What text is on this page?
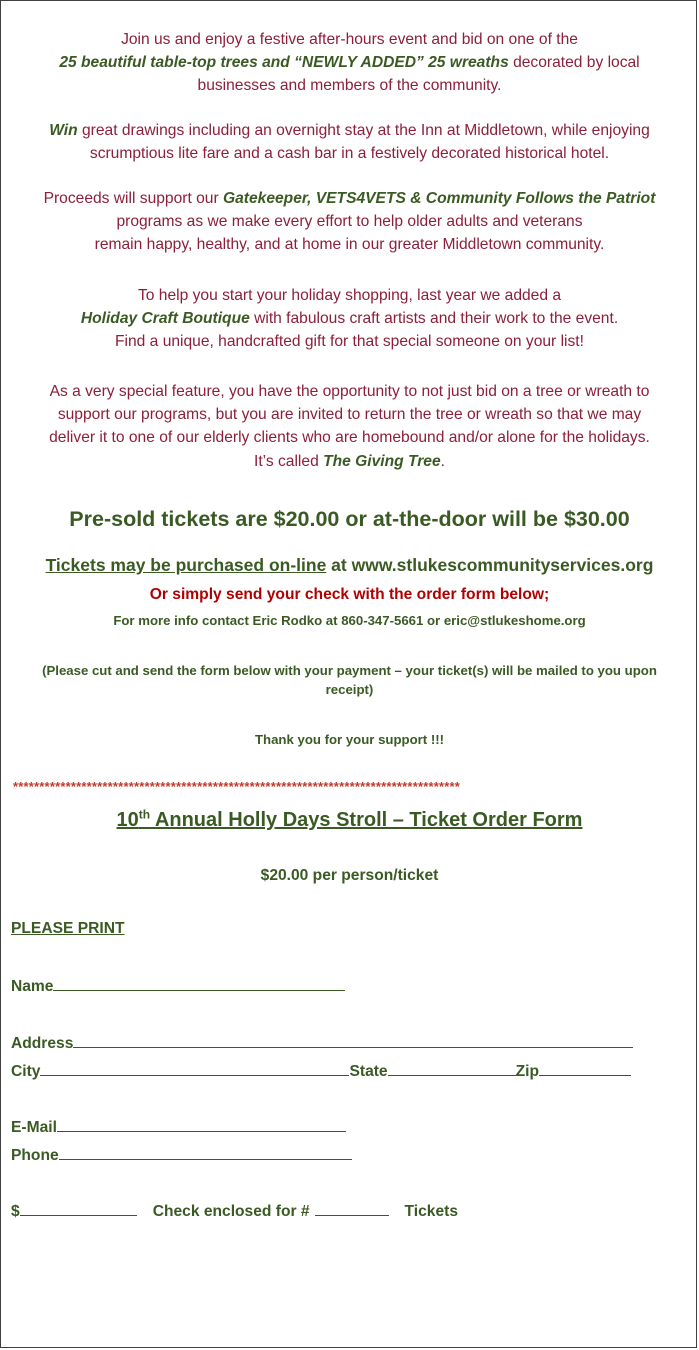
Join us and enjoy a festive after-hours event and bid on one of the
25 beautiful table-top trees and “NEWLY ADDED” 25 wreaths decorated by local
businesses and members of the community.
Win great drawings including an overnight stay at the Inn at Middletown, while enjoying
scrumptious lite fare and a cash bar in a festively decorated historical hotel.
Proceeds will support our Gatekeeper, VETS4VETS & Community Follows the Patriot
programs as we make every effort to help older adults and veterans
remain happy, healthy, and at home in our greater Middletown community.
To help you start your holiday shopping, last year we added a
Holiday Craft Boutique with fabulous craft artists and their work to the event.
Find a unique, handcrafted gift for that special someone on your list!
As a very special feature, you have the opportunity to not just bid on a tree or wreath to
support our programs, but you are invited to return the tree or wreath so that we may
deliver it to one of our elderly clients who are homebound and/or alone for the holidays.
It’s called The Giving Tree.
Pre-sold tickets are $20.00 or at-the-door will be $30.00
Tickets may be purchased on-line at www.stlukescommunityservices.org
Or simply send your check with the order form below;
For more info contact Eric Rodko at 860-347-5661 or eric@stlukeshome.org
(Please cut and send the form below with your payment – your ticket(s) will be mailed to you upon
receipt)
Thank you for your support !!!
*************************************************************************************
10th Annual Holly Days Stroll – Ticket Order Form
$20.00 per person/ticket
PLEASE PRINT
Name
Address
City	State	Zip
E-Mail
Phone
$	Check enclosed for #	Tickets
